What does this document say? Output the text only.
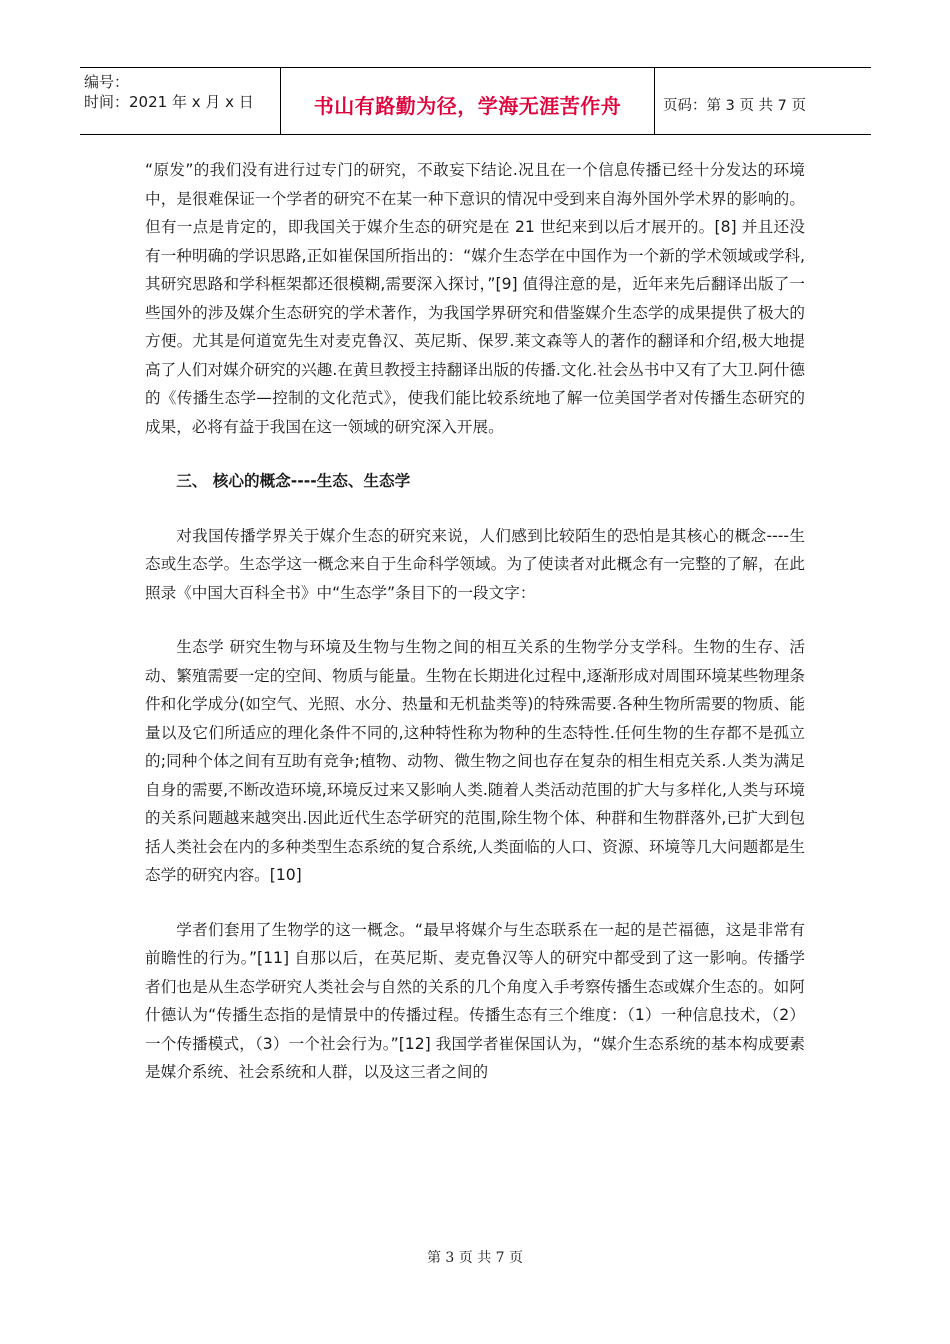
编号：
时间：2021 年 x 月 x 日	书山有路勤为径，学海无涯苦作舟	页码：第 3 页 共 7 页

“原发”的我们没有进行过专门的研究，不敢妄下结论.况且在一个信息传播已经十分发达的环境中，是很难保证一个学者的研究不在某一种下意识的情况中受到来自海外国外学术界的影响的。但有一点是肯定的，即我国关于媒介生态的研究是在 21 世纪来到以后才展开的。[8] 并且还没有一种明确的学识思路,正如崔保国所指出的：“媒介生态学在中国作为一个新的学术领域或学科,其研究思路和学科框架都还很模糊,需要深入探讨，”[9] 值得注意的是，近年来先后翻译出版了一些国外的涉及媒介生态研究的学术著作，为我国学界研究和借鉴媒介生态学的成果提供了极大的方便。尤其是何道宽先生对麦克鲁汉、英尼斯、保罗.莱文森等人的著作的翻译和介绍,极大地提高了人们对媒介研究的兴趣.在黄旦教授主持翻译出版的传播.文化.社会丛书中又有了大卫.阿什德的《传播生态学—控制的文化范式》，使我们能比较系统地了解一位美国学者对传播生态研究的成果，必将有益于我国在这一领域的研究深入开展。

三、 核心的概念----生态、生态学

对我国传播学界关于媒介生态的研究来说，人们感到比较陌生的恐怕是其核心的概念----生态或生态学。生态学这一概念来自于生命科学领域。为了使读者对此概念有一完整的了解，在此照录《中国大百科全书》中“生态学”条目下的一段文字：

生态学 研究生物与环境及生物与生物之间的相互关系的生物学分支学科。生物的生存、活动、繁殖需要一定的空间、物质与能量。生物在长期进化过程中,逐渐形成对周围环境某些物理条件和化学成分(如空气、光照、水分、热量和无机盐类等)的特殊需要.各种生物所需要的物质、能量以及它们所适应的理化条件不同的,这种特性称为物种的生态特性.任何生物的生存都不是孤立的;同种个体之间有互助有竞争;植物、动物、微生物之间也存在复杂的相生相克关系.人类为满足自身的需要,不断改造环境,环境反过来又影响人类.随着人类活动范围的扩大与多样化,人类与环境的关系问题越来越突出.因此近代生态学研究的范围,除生物个体、种群和生物群落外,已扩大到包括人类社会在内的多种类型生态系统的复合系统,人类面临的人口、资源、环境等几大问题都是生态学的研究内容。[10]

学者们套用了生物学的这一概念。“最早将媒介与生态联系在一起的是芒福德，这是非常有前瞻性的行为。”[11] 自那以后，在英尼斯、麦克鲁汉等人的研究中都受到了这一影响。传播学者们也是从生态学研究人类社会与自然的关系的几个角度入手考察传播生态或媒介生态的。如阿什德认为“传播生态指的是情景中的传播过程。传播生态有三个维度：（1）一种信息技术，（2）一个传播模式，（3）一个社会行为。”[12] 我国学者崔保国认为，“媒介生态系统的基本构成要素是媒介系统、社会系统和人群，以及这三者之间的

第 3 页 共 7 页
